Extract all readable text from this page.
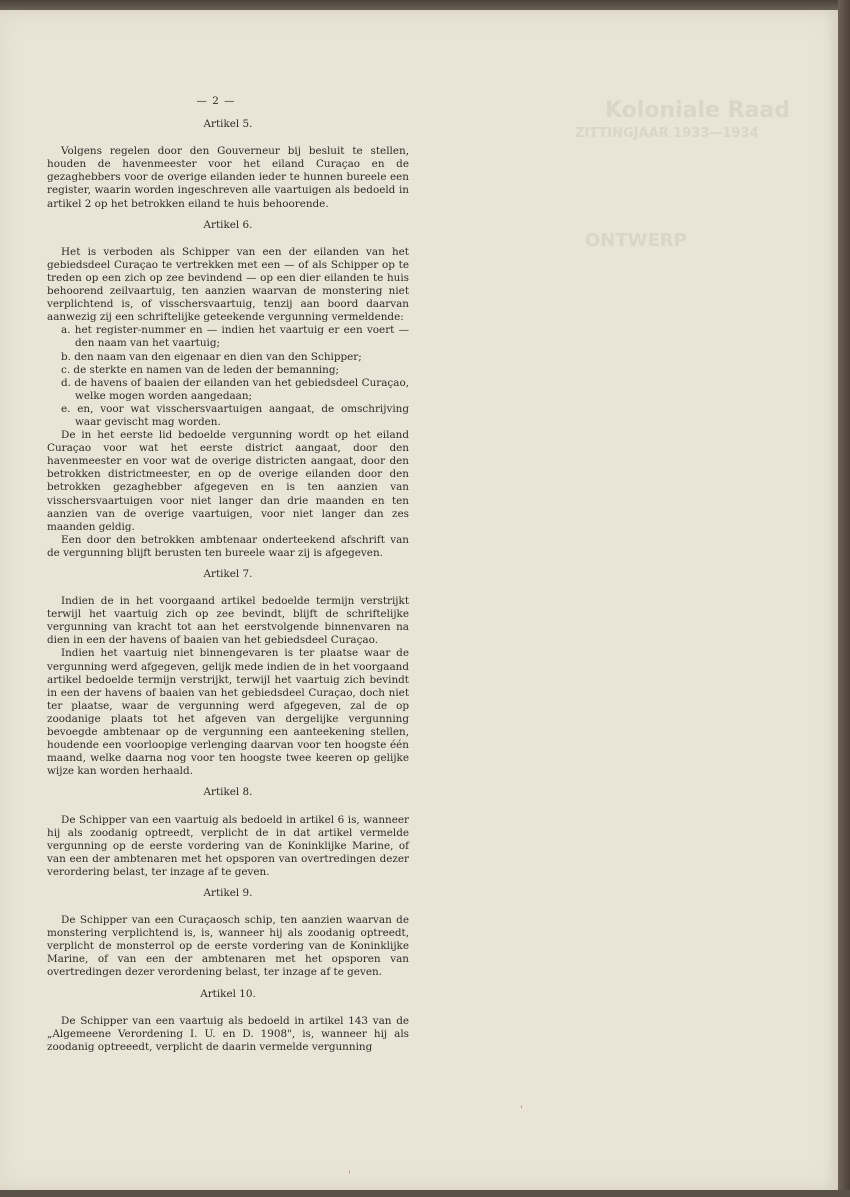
Koloniale Raad
ZITTINGJAAR 1933—1934
ONTWERP
— 2 —
Artikel 5.

Volgens regelen door den Gouverneur bij besluit te stellen, houden de havenmeester voor het eiland Curaçao en de gezaghebbers voor de overige eilanden ieder te hunnen bureele een register, waarin worden ingeschreven alle vaartuigen als bedoeld in artikel 2 op het betrokken eiland te huis behoorende.

Artikel 6.

Het is verboden als Schipper van een der eilanden van het gebiedsdeel Curaçao te vertrekken met een — of als Schipper op te treden op een zich op zee bevindend — op een dier eilanden te huis behoorend zeilvaartuig, ten aanzien waarvan de monstering niet verplichtend is, of visschersvaartuig, tenzij aan boord daarvan aanwezig zij een schriftelijke geteekende vergunning vermeldende:

a. het register-nummer en — indien het vaartuig er een voert — den naam van het vaartuig;
b. den naam van den eigenaar en dien van den Schipper;
c. de sterkte en namen van de leden der bemanning;
d. de havens of baaien der eilanden van het gebiedsdeel Curaçao, welke mogen worden aangedaan;
e. en, voor wat visschersvaartuigen aangaat, de omschrijving waar gevischt mag worden.

De in het eerste lid bedoelde vergunning wordt op het eiland Curaçao voor wat het eerste district aangaat, door den havenmeester en voor wat de overige districten aangaat, door den betrokken districtmeester, en op de overige eilanden door den betrokken gezaghebber afgegeven en is ten aanzien van visschersvaartuigen voor niet langer dan drie maanden en ten aanzien van de overige vaartuigen, voor niet langer dan zes maanden geldig.

Een door den betrokken ambtenaar onderteekend afschrift van de vergunning blijft berusten ten bureele waar zij is afgegeven.

Artikel 7.

Indien de in het voorgaand artikel bedoelde termijn verstrijkt terwijl het vaartuig zich op zee bevindt, blijft de schriftelijke vergunning van kracht tot aan het eerstvolgende binnenvaren na dien in een der havens of baaien van het gebiedsdeel Curaçao.

Indien het vaartuig niet binnengevaren is ter plaatse waar de vergunning werd afgegeven, gelijk mede indien de in het voorgaand artikel bedoelde termijn verstrijkt, terwijl het vaartuig zich bevindt in een der havens of baaien van het gebiedsdeel Curaçao, doch niet ter plaatse, waar de vergunning werd afgegeven, zal de op zoodanige plaats tot het afgeven van dergelijke vergunning bevoegde ambtenaar op de vergunning een aanteekening stellen, houdende een voorloopige verlenging daarvan voor ten hoogste één maand, welke daarna nog voor ten hoogste twee keeren op gelijke wijze kan worden herhaald.

Artikel 8.

De Schipper van een vaartuig als bedoeld in artikel 6 is, wanneer hij als zoodanig optreedt, verplicht de in dat artikel vermelde vergunning op de eerste vordering van de Koninklijke Marine, of van een der ambtenaren met het opsporen van overtredingen dezer verordering belast, ter inzage af te geven.

Artikel 9.

De Schipper van een Curaçaosch schip, ten aanzien waarvan de monstering verplichtend is, is, wanneer hij als zoodanig optreedt, verplicht de monsterrol op de eerste vordering van de Koninklijke Marine, of van een der ambtenaren met het opsporen van overtredingen dezer verordening belast, ter inzage af te geven.

Artikel 10.

De Schipper van een vaartuig als bedoeld in artikel 143 van de „Algemeene Verordening I. U. en D. 1908", is, wanneer hij als zoodanig optreeedt, verplicht de daarin vermelde vergunning

'
'
